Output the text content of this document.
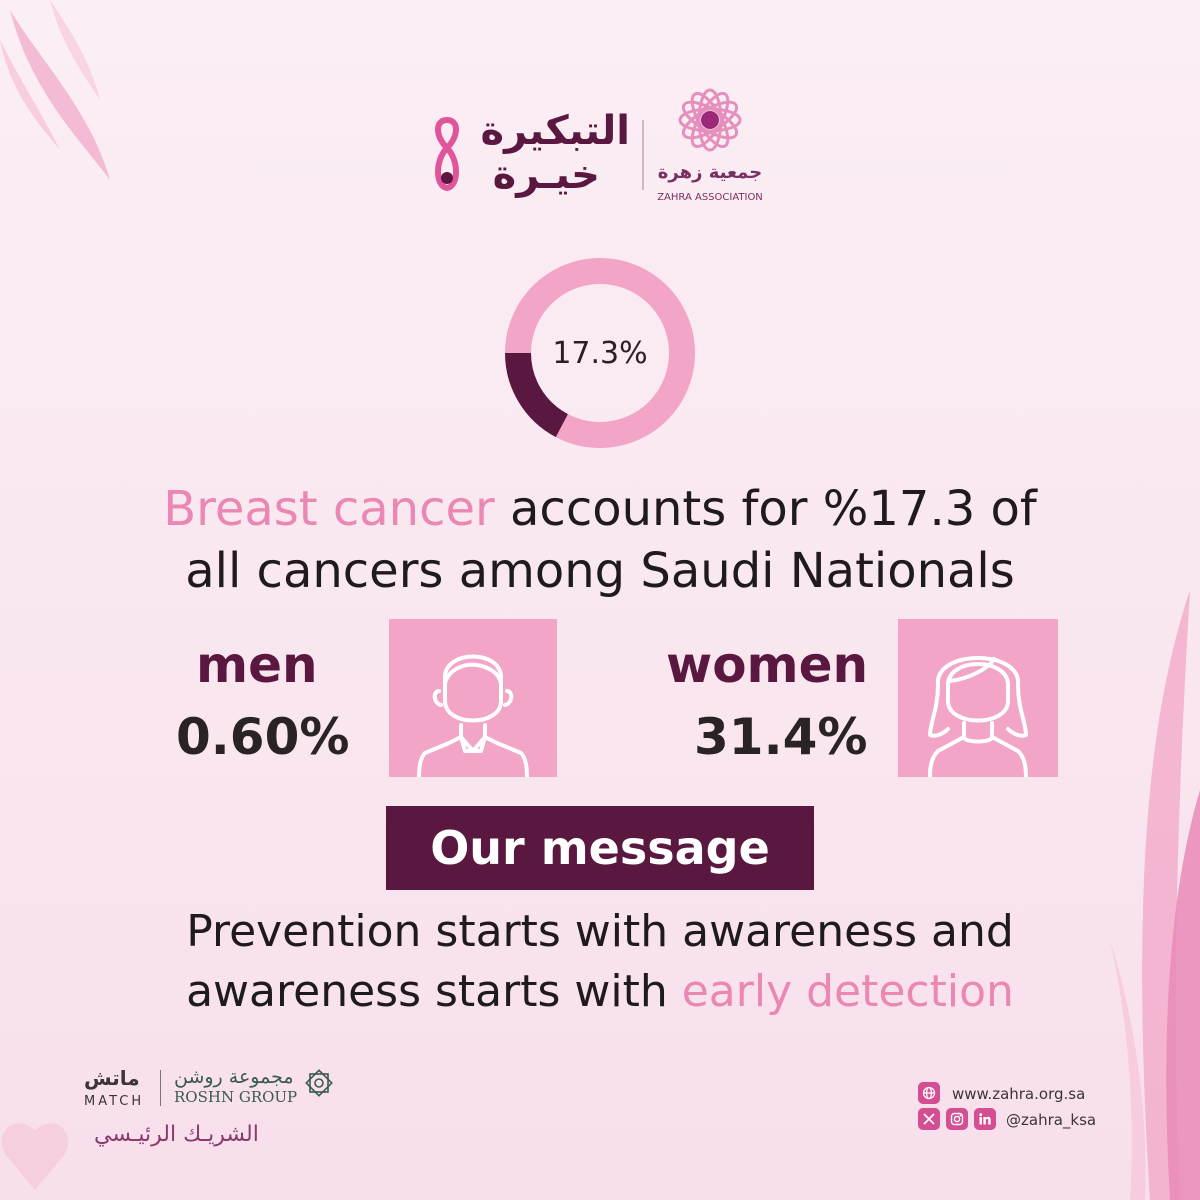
التبكيرة
خيـرة	جمعية زهرة
ZAHRA ASSOCIATION
17.3%
Breast cancer accounts for %17.3 of
all cancers among Saudi Nationals
men
0.60%
women
31.4%
Our message
Prevention starts with awareness and
awareness starts with early detection
ماتش
MATCH
مجموعة روشن
ROSHN GROUP
الشريـك الرئيـسي
www.zahra.org.sa
@zahra_ksa
